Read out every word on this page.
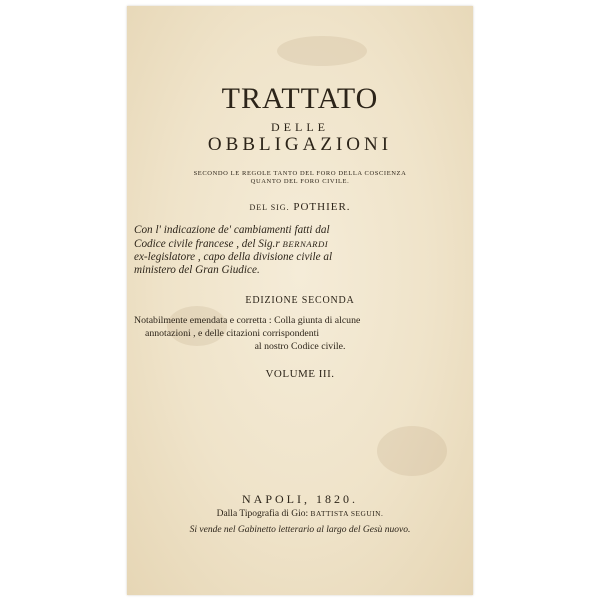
TRATTATO
DELLE
OBBLIGAZIONI
SECONDO LE REGOLE TANTO DEL FORO DELLA COSCIENZA
QUANTO DEL FORO CIVILE.
DEL SIG. POTHIER.
Con l' indicazione de' cambiamenti fatti dal
Codice civile francese , del Sig.r BERNARDI
ex-legislatore , capo della divisione civile al
ministero del Gran Giudice.
EDIZIONE SECONDA
Notabilmente emendata e corretta : Colla giunta di alcune
annotazioni , e delle citazioni corrispondenti
al nostro Codice civile.
VOLUME III.
NAPOLI, 1820.
Dalla Tipografia di Gio: BATTISTA SEGUIN.
Si vende nel Gabinetto letterario al largo del Gesù nuovo.
